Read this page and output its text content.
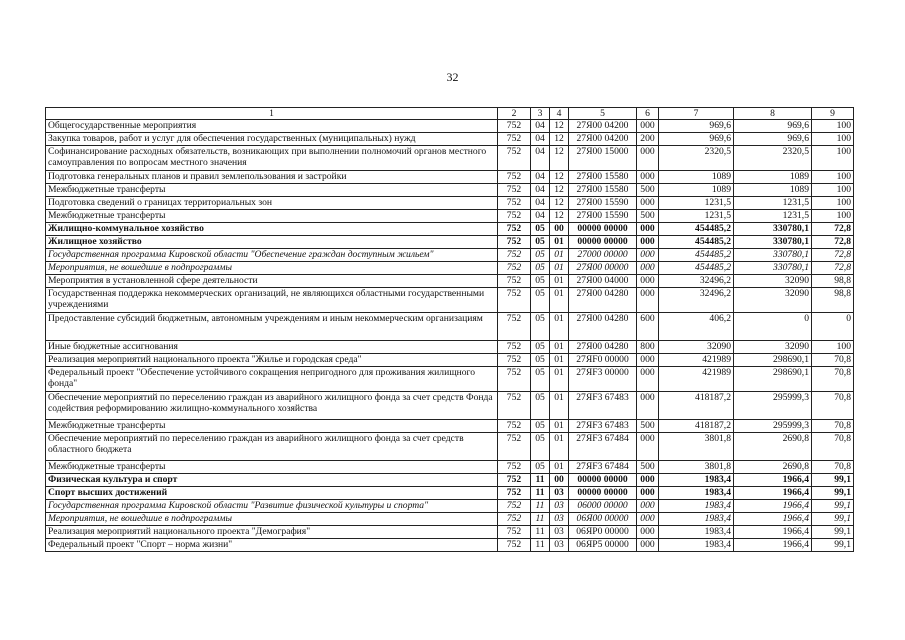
32
1	2	3	4	5	6	7	8	9
Общегосударственные мероприятия	752	04	12	27Я00 04200	000	969,6	969,6	100
Закупка товаров, работ и услуг для обеспечения государственных (муниципальных) нужд	752	04	12	27Я00 04200	200	969,6	969,6	100
Софинансирование расходных обязательств, возникающих при выполнении полномочий органов местного самоуправления по вопросам местного значения	752	04	12	27Я00 15000	000	2320,5	2320,5	100
Подготовка генеральных планов и правил землепользования и застройки	752	04	12	27Я00 15580	000	1089	1089	100
Межбюджетные трансферты	752	04	12	27Я00 15580	500	1089	1089	100
Подготовка сведений о границах территориальных зон	752	04	12	27Я00 15590	000	1231,5	1231,5	100
Межбюджетные трансферты	752	04	12	27Я00 15590	500	1231,5	1231,5	100
Жилищно-коммунальное хозяйство	752	05	00	00000 00000	000	454485,2	330780,1	72,8
Жилищное хозяйство	752	05	01	00000 00000	000	454485,2	330780,1	72,8
Государственная программа Кировской области "Обеспечение граждан доступным жильем"	752	05	01	27000 00000	000	454485,2	330780,1	72,8
Мероприятия, не вошедшие в подпрограммы	752	05	01	27Я00 00000	000	454485,2	330780,1	72,8
Мероприятия в установленной сфере деятельности	752	05	01	27Я00 04000	000	32496,2	32090	98,8
Государственная поддержка некоммерческих организаций, не являющихся областными государственными учреждениями	752	05	01	27Я00 04280	000	32496,2	32090	98,8
Предоставление субсидий бюджетным, автономным учреждениям и иным некоммерческим организациям	752	05	01	27Я00 04280	600	406,2	0	0
Иные бюджетные ассигнования	752	05	01	27Я00 04280	800	32090	32090	100
Реализация мероприятий национального проекта "Жилье и городская среда"	752	05	01	27ЯF0 00000	000	421989	298690,1	70,8
Федеральный проект "Обеспечение устойчивого сокращения непригодного для проживания жилищного фонда"	752	05	01	27ЯF3 00000	000	421989	298690,1	70,8
Обеспечение мероприятий по переселению граждан из аварийного жилищного фонда за счет средств Фонда содействия реформированию жилищно-коммунального хозяйства	752	05	01	27ЯF3 67483	000	418187,2	295999,3	70,8
Межбюджетные трансферты	752	05	01	27ЯF3 67483	500	418187,2	295999,3	70,8
Обеспечение мероприятий по переселению граждан из аварийного жилищного фонда за счет средств областного бюджета	752	05	01	27ЯF3 67484	000	3801,8	2690,8	70,8
Межбюджетные трансферты	752	05	01	27ЯF3 67484	500	3801,8	2690,8	70,8
Физическая культура и спорт	752	11	00	00000 00000	000	1983,4	1966,4	99,1
Спорт высших достижений	752	11	03	00000 00000	000	1983,4	1966,4	99,1
Государственная программа Кировской области "Развитие физической культуры и спорта"	752	11	03	06000 00000	000	1983,4	1966,4	99,1
Мероприятия, не вошедшие в подпрограммы	752	11	03	06Я00 00000	000	1983,4	1966,4	99,1
Реализация мероприятий национального проекта "Демография"	752	11	03	06ЯР0 00000	000	1983,4	1966,4	99,1
Федеральный проект "Спорт – норма жизни"	752	11	03	06ЯР5 00000	000	1983,4	1966,4	99,1
